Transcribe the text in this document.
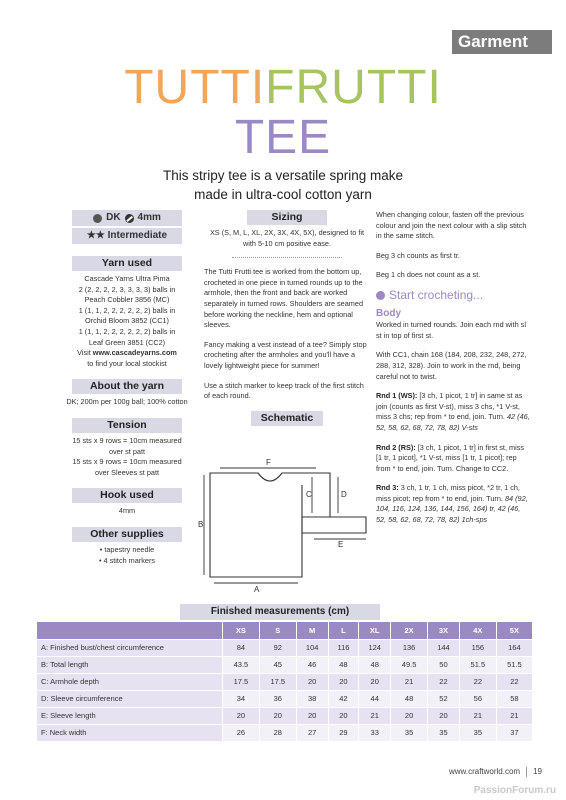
Garment
TUTTIFRUTTI
TEE
This stripy tee is a versatile spring make
made in ultra-cool cotton yarn
DK 4mm
★★ Intermediate
Yarn used

Cascade Yarns Ultra Pima

2 (2, 2, 2, 2, 3, 3, 3, 3) balls in

Peach Cobbler 3856 (MC)

1 (1, 1, 2, 2, 2, 2, 2, 2) balls in

Orchid Bloom 3852 (CC1)

1 (1, 1, 2, 2, 2, 2, 2, 2) balls in

Leaf Green 3851 (CC2)

Visit www.cascadeyarns.com

to find your local stockist

About the yarn

DK; 200m per 100g ball; 100% cotton

Tension

15 sts x 9 rows = 10cm measured

over st patt

15 sts x 9 rows = 10cm measured

over Sleeves st patt

Hook used

4mm

Other supplies

• tapestry needle

• 4 stitch markers

Sizing

XS (S, M, L, XL, 2X, 3X, 4X, 5X), designed to fit with 5-10 cm positive ease.

The Tutti Frutti tee is worked from the bottom up, crocheted in one piece in turned rounds up to the armhole, then the front and back are worked separately in turned rows. Shoulders are seamed before working the neckline, hem and optional sleeves.

Fancy making a vest instead of a tee? Simply stop crocheting after the armholes and you'll have a lovely lightweight piece for summer!

Use a stitch marker to keep track of the first stitch of each round.

Schematic
F
C	D
E
B
A

When changing colour, fasten off the previous colour and join the next colour with a slip stitch in the same stitch.

Beg 3 ch counts as first tr.

Beg 1 ch does not count as a st.

Start crocheting...
Body

Worked in turned rounds. Join each rnd with sl st in top of first st.

With CC1, chain 168 (184, 208, 232, 248, 272, 288, 312, 328). Join to work in the rnd, being careful not to twist.

Rnd 1 (WS): [3 ch, 1 picot, 1 tr] in same st as join (counts as first V-st), miss 3 chs, *1 V-st, miss 3 chs; rep from * to end, join. Turn. 42 (46, 52, 58, 62, 68, 72, 78, 82) V-sts

Rnd 2 (RS): [3 ch, 1 picot, 1 tr] in first st, miss [1 tr, 1 picot], *1 V-st, miss [1 tr, 1 picot]; rep from * to end, join. Turn. Change to CC2.

Rnd 3: 3 ch, 1 tr, 1 ch, miss picot, *2 tr, 1 ch, miss picot; rep from * to end, join. Turn. 84 (92, 104, 116, 124, 136, 144, 156, 164) tr, 42 (46, 52, 58, 62, 68, 72, 78, 82) 1ch-sps

Finished measurements (cm)
	XS	S	M	L	XL	2X	3X	4X	5X
A: Finished bust/chest circumference	84	92	104	116	124	136	144	156	164
B: Total length	43.5	45	46	48	48	49.5	50	51.5	51.5
C: Armhole depth	17.5	17.5	20	20	20	21	22	22	22
D: Sleeve circumference	34	36	38	42	44	48	52	56	58
E: Sleeve length	20	20	20	20	21	20	20	21	21
F: Neck width	26	28	27	29	33	35	35	35	37
www.craftworld.com 19
PassionForum.ru
